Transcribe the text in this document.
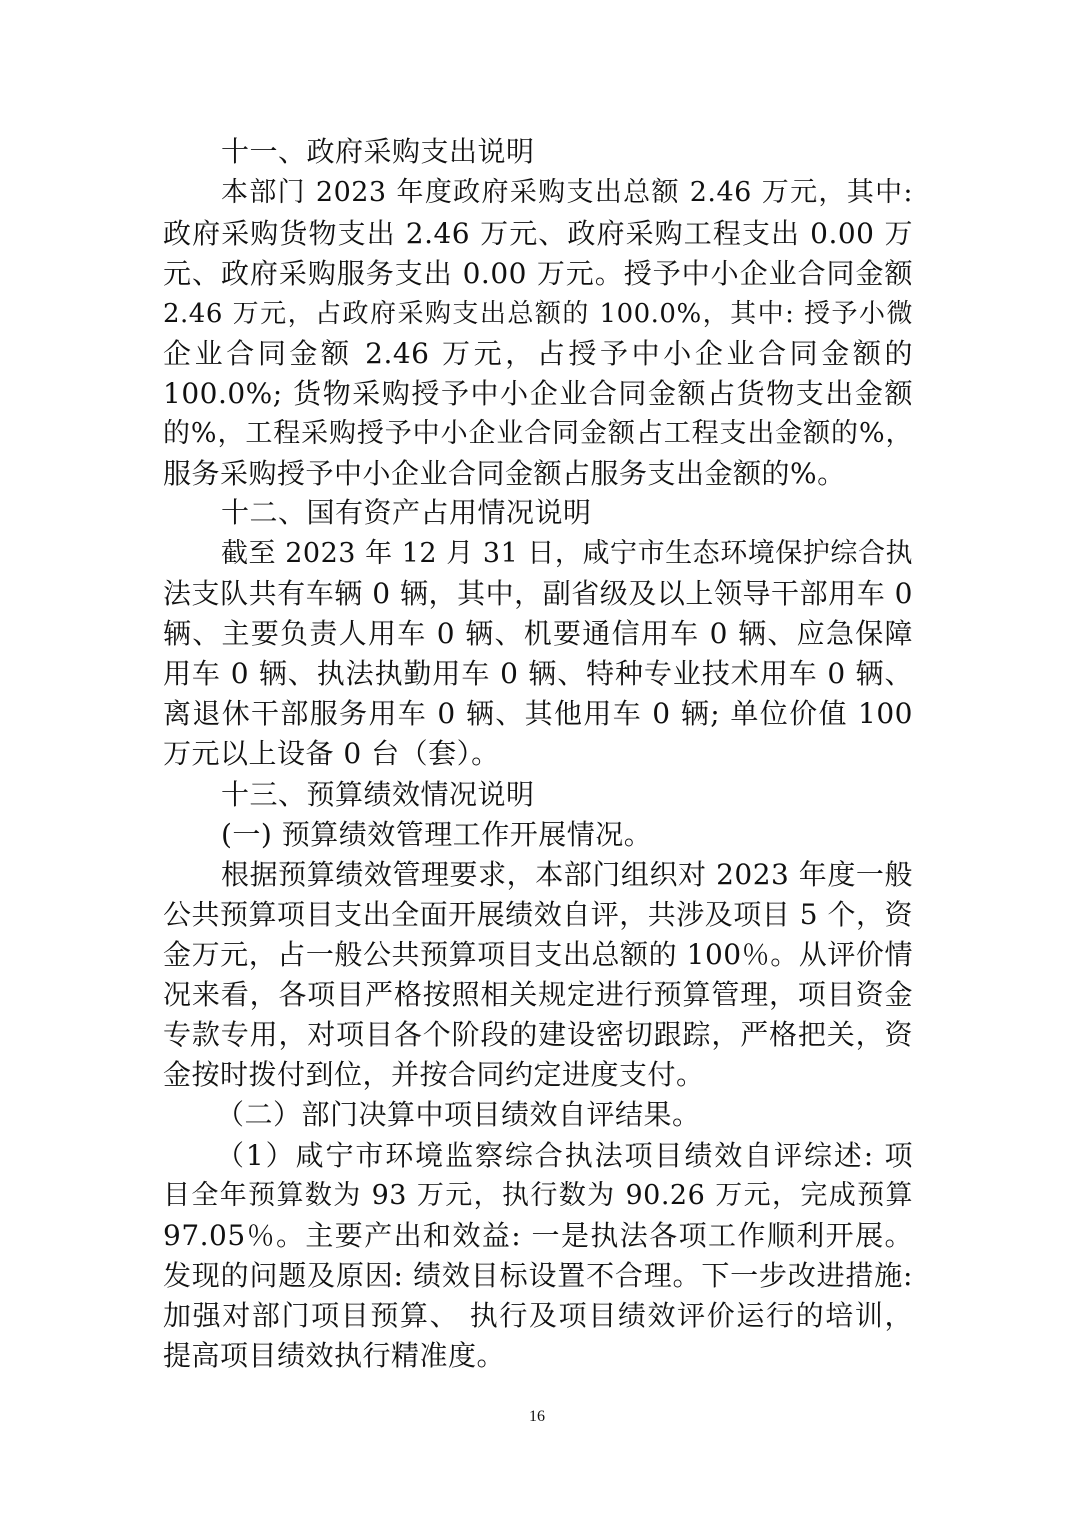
十一、政府采购支出说明
本部门 2023 年度政府采购支出总额 2.46 万元，其中:
政府采购货物支出 2.46 万元、政府采购工程支出 0.00 万
元、政府采购服务支出 0.00 万元。授予中小企业合同金额
2.46 万元，占政府采购支出总额的 100.0%，其中: 授予小微
企业合同金额 2.46 万元，占授予中小企业合同金额的
100.0%; 货物采购授予中小企业合同金额占货物支出金额
的%，工程采购授予中小企业合同金额占工程支出金额的%，
服务采购授予中小企业合同金额占服务支出金额的%。
十二、国有资产占用情况说明
截至 2023 年 12 月 31 日，咸宁市生态环境保护综合执
法支队共有车辆 0 辆，其中，副省级及以上领导干部用车 0
辆、主要负责人用车 0 辆、机要通信用车 0 辆、应急保障
用车 0 辆、执法执勤用车 0 辆、特种专业技术用车 0 辆、
离退休干部服务用车 0 辆、其他用车 0 辆; 单位价值 100
万元以上设备 0 台（套）。
十三、预算绩效情况说明
(一) 预算绩效管理工作开展情况。
根据预算绩效管理要求，本部门组织对 2023 年度一般
公共预算项目支出全面开展绩效自评，共涉及项目 5 个，资
金万元，占一般公共预算项目支出总额的 100％。从评价情
况来看，各项目严格按照相关规定进行预算管理，项目资金
专款专用，对项目各个阶段的建设密切跟踪，严格把关，资
金按时拨付到位，并按合同约定进度支付。
（二）部门决算中项目绩效自评结果。
（1）咸宁市环境监察综合执法项目绩效自评综述: 项
目全年预算数为 93 万元，执行数为 90.26 万元，完成预算
97.05％。主要产出和效益: 一是执法各项工作顺利开展。
发现的问题及原因: 绩效目标设置不合理。下一步改进措施:
加强对部门项目预算、 执行及项目绩效评价运行的培训，
提高项目绩效执行精准度。
16
